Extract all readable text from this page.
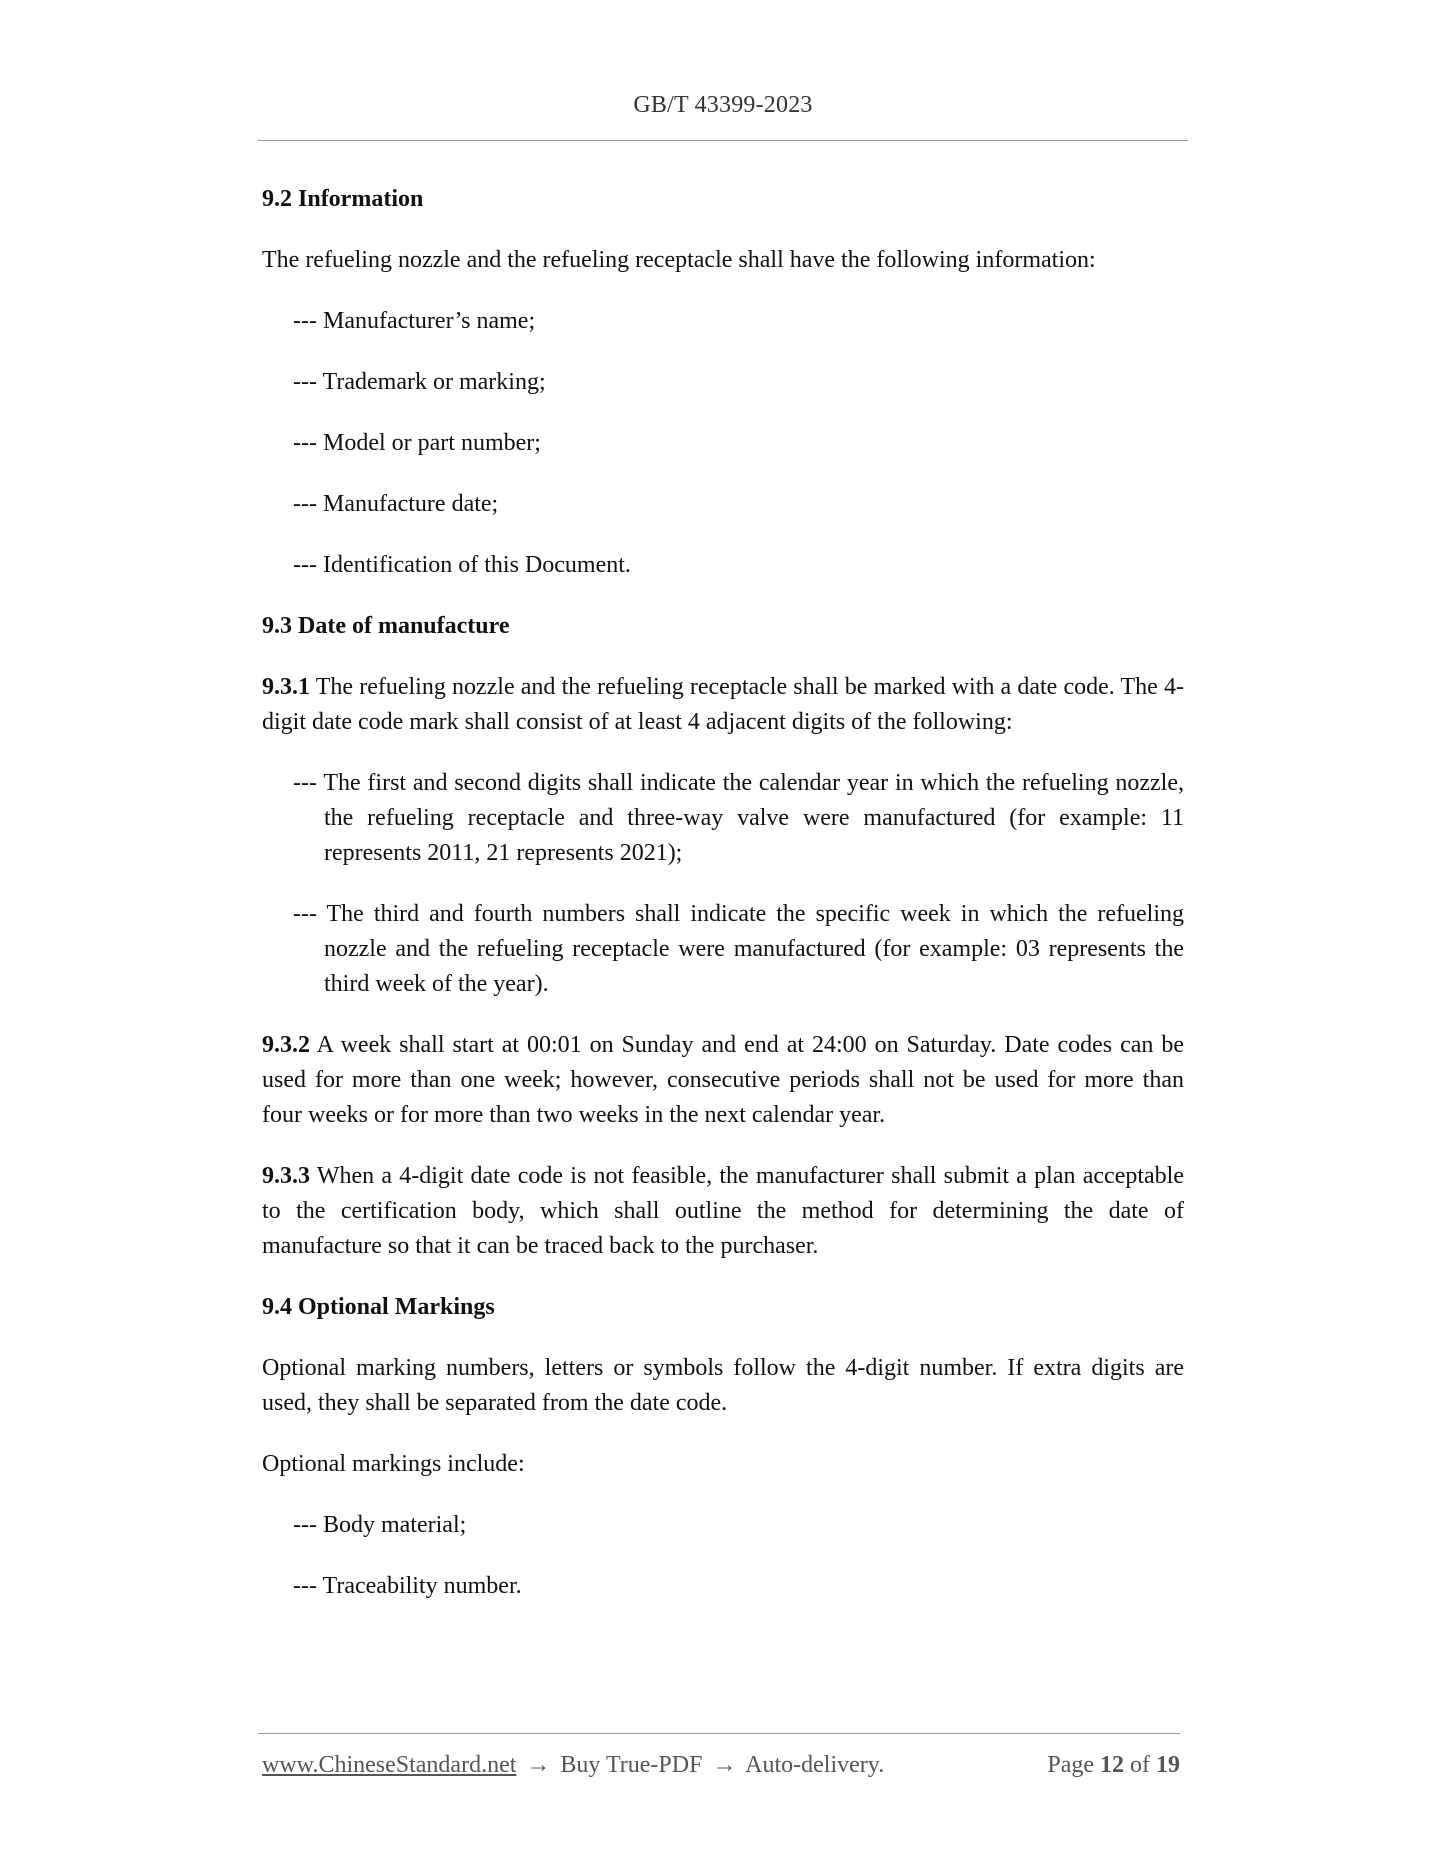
GB/T 43399-2023

9.2 Information

The refueling nozzle and the refueling receptacle shall have the following information:

--- Manufacturer’s name;
--- Trademark or marking;
--- Model or part number;
--- Manufacture date;
--- Identification of this Document.

9.3 Date of manufacture

9.3.1 The refueling nozzle and the refueling receptacle shall be marked with a date code. The 4-digit date code mark shall consist of at least 4 adjacent digits of the following:

--- The first and second digits shall indicate the calendar year in which the refueling nozzle, the refueling receptacle and three-way valve were manufactured (for example: 11 represents 2011, 21 represents 2021);
--- The third and fourth numbers shall indicate the specific week in which the refueling nozzle and the refueling receptacle were manufactured (for example: 03 represents the third week of the year).

9.3.2 A week shall start at 00:01 on Sunday and end at 24:00 on Saturday. Date codes can be used for more than one week; however, consecutive periods shall not be used for more than four weeks or for more than two weeks in the next calendar year.

9.3.3 When a 4-digit date code is not feasible, the manufacturer shall submit a plan acceptable to the certification body, which shall outline the method for determining the date of manufacture so that it can be traced back to the purchaser.

9.4 Optional Markings

Optional marking numbers, letters or symbols follow the 4-digit number. If extra digits are used, they shall be separated from the date code.

Optional markings include:

--- Body material;
--- Traceability number.
www.ChineseStandard.net → Buy True-PDF → Auto-delivery.	Page 12 of 19
